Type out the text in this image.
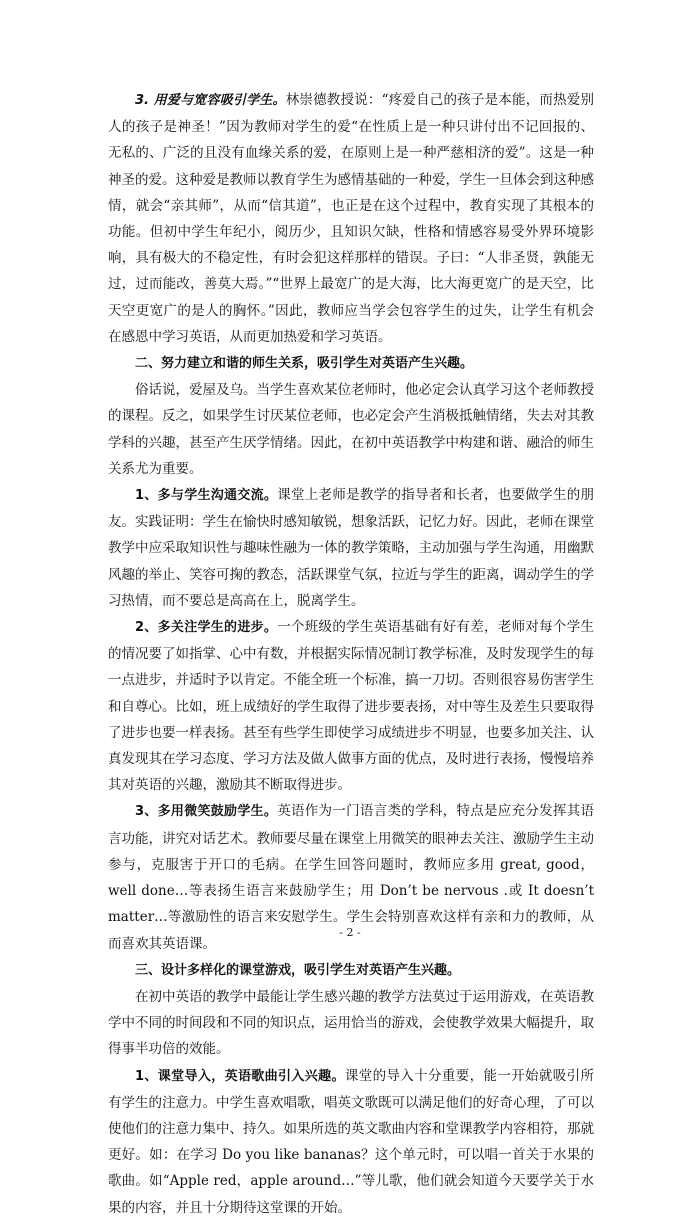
3. 用爱与宽容吸引学生。林崇德教授说：“疼爱自己的孩子是本能，而热爱别人的孩子是神圣！”因为教师对学生的爱“在性质上是一种只讲付出不记回报的、无私的、广泛的且没有血缘关系的爱，在原则上是一种严慈相济的爱”。这是一种神圣的爱。这种爱是教师以教育学生为感情基础的一种爱，学生一旦体会到这种感情，就会“亲其师”，从而“信其道”，也正是在这个过程中，教育实现了其根本的功能。但初中学生年纪小，阅历少，且知识欠缺，性格和情感容易受外界环境影响，具有极大的不稳定性，有时会犯这样那样的错误。子曰：“人非圣贤，孰能无过，过而能改，善莫大焉。”“世界上最宽广的是大海，比大海更宽广的是天空，比天空更宽广的是人的胸怀。”因此，教师应当学会包容学生的过失，让学生有机会在感恩中学习英语，从而更加热爱和学习英语。

二、努力建立和谐的师生关系，吸引学生对英语产生兴趣。

俗话说，爱屋及乌。当学生喜欢某位老师时，他必定会认真学习这个老师教授的课程。反之，如果学生讨厌某位老师，也必定会产生消极抵触情绪，失去对其教学科的兴趣，甚至产生厌学情绪。因此，在初中英语教学中构建和谐、融洽的师生关系尤为重要。

1、多与学生沟通交流。课堂上老师是教学的指导者和长者，也要做学生的朋友。实践证明：学生在愉快时感知敏锐，想象活跃，记忆力好。因此，老师在课堂教学中应采取知识性与趣味性融为一体的教学策略，主动加强与学生沟通，用幽默风趣的举止、笑容可掬的教态，活跃课堂气氛，拉近与学生的距离，调动学生的学习热情，而不要总是高高在上，脱离学生。

2、多关注学生的进步。一个班级的学生英语基础有好有差，老师对每个学生的情况要了如指掌、心中有数，并根据实际情况制订教学标准，及时发现学生的每一点进步，并适时予以肯定。不能全班一个标准，搞一刀切。否则很容易伤害学生和自尊心。比如，班上成绩好的学生取得了进步要表扬，对中等生及差生只要取得了进步也要一样表扬。甚至有些学生即使学习成绩进步不明显，也要多加关注、认真发现其在学习态度、学习方法及做人做事方面的优点，及时进行表扬，慢慢培养其对英语的兴趣，激励其不断取得进步。

3、多用微笑鼓励学生。英语作为一门语言类的学科，特点是应充分发挥其语言功能，讲究对话艺术。教师要尽量在课堂上用微笑的眼神去关注、激励学生主动参与，克服害于开口的毛病。在学生回答问题时，教师应多用 great, good，well done…等表扬生语言来鼓励学生；用 Don’t be nervous .或 It doesn’t matter…等激励性的语言来安慰学生。学生会特别喜欢这样有亲和力的教师，从而喜欢其英语课。

三、设计多样化的课堂游戏，吸引学生对英语产生兴趣。

在初中英语的教学中最能让学生感兴趣的教学方法莫过于运用游戏，在英语教学中不同的时间段和不同的知识点，运用恰当的游戏，会使教学效果大幅提升，取得事半功倍的效能。

1、课堂导入，英语歌曲引入兴趣。课堂的导入十分重要，能一开始就吸引所有学生的注意力。中学生喜欢唱歌，唱英文歌既可以满足他们的好奇心理，了可以使他们的注意力集中、持久。如果所选的英文歌曲内容和堂课教学内容相符，那就更好。如：在学习 Do you like bananas？这个单元时，可以唱一首关于水果的歌曲。如“Apple red，apple around…”等儿歌，他们就会知道今天要学关于水果的内容，并且十分期待这堂课的开始。

- 2 -
